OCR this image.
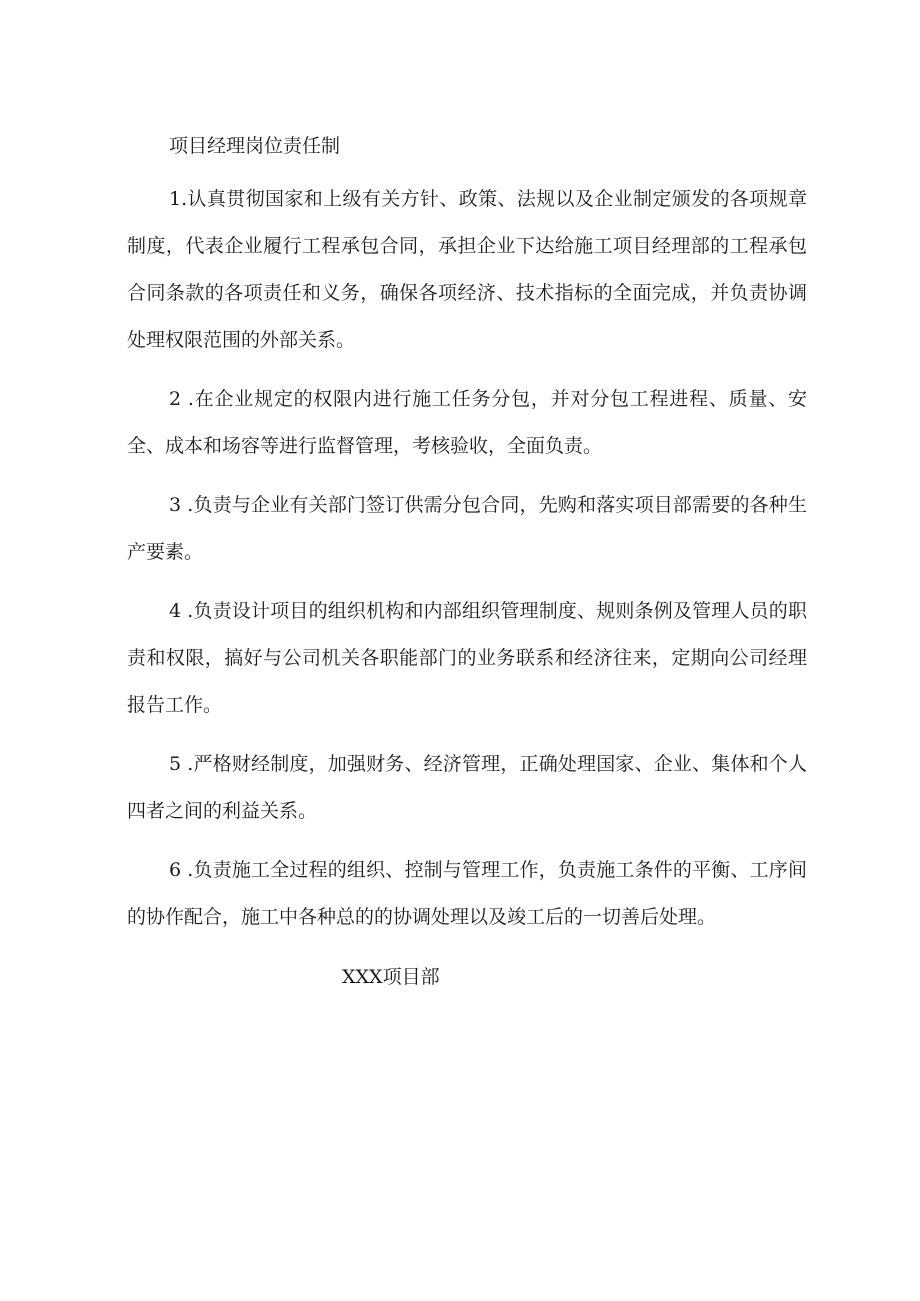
项目经理岗位责任制

1.认真贯彻国家和上级有关方针、政策、法规以及企业制定颁发的各项规章制度，代表企业履行工程承包合同，承担企业下达给施工项目经理部的工程承包合同条款的各项责任和义务，确保各项经济、技术指标的全面完成，并负责协调处理权限范围的外部关系。

2 .在企业规定的权限内进行施工任务分包，并对分包工程进程、质量、安全、成本和场容等进行监督管理，考核验收，全面负责。

3 .负责与企业有关部门签订供需分包合同，先购和落实项目部需要的各种生产要素。

4 .负责设计项目的组织机构和内部组织管理制度、规则条例及管理人员的职责和权限，搞好与公司机关各职能部门的业务联系和经济往来，定期向公司经理报告工作。

5 .严格财经制度，加强财务、经济管理，正确处理国家、企业、集体和个人四者之间的利益关系。

6 .负责施工全过程的组织、控制与管理工作，负责施工条件的平衡、工序间的协作配合，施工中各种总的的协调处理以及竣工后的一切善后处理。

XXX项目部
